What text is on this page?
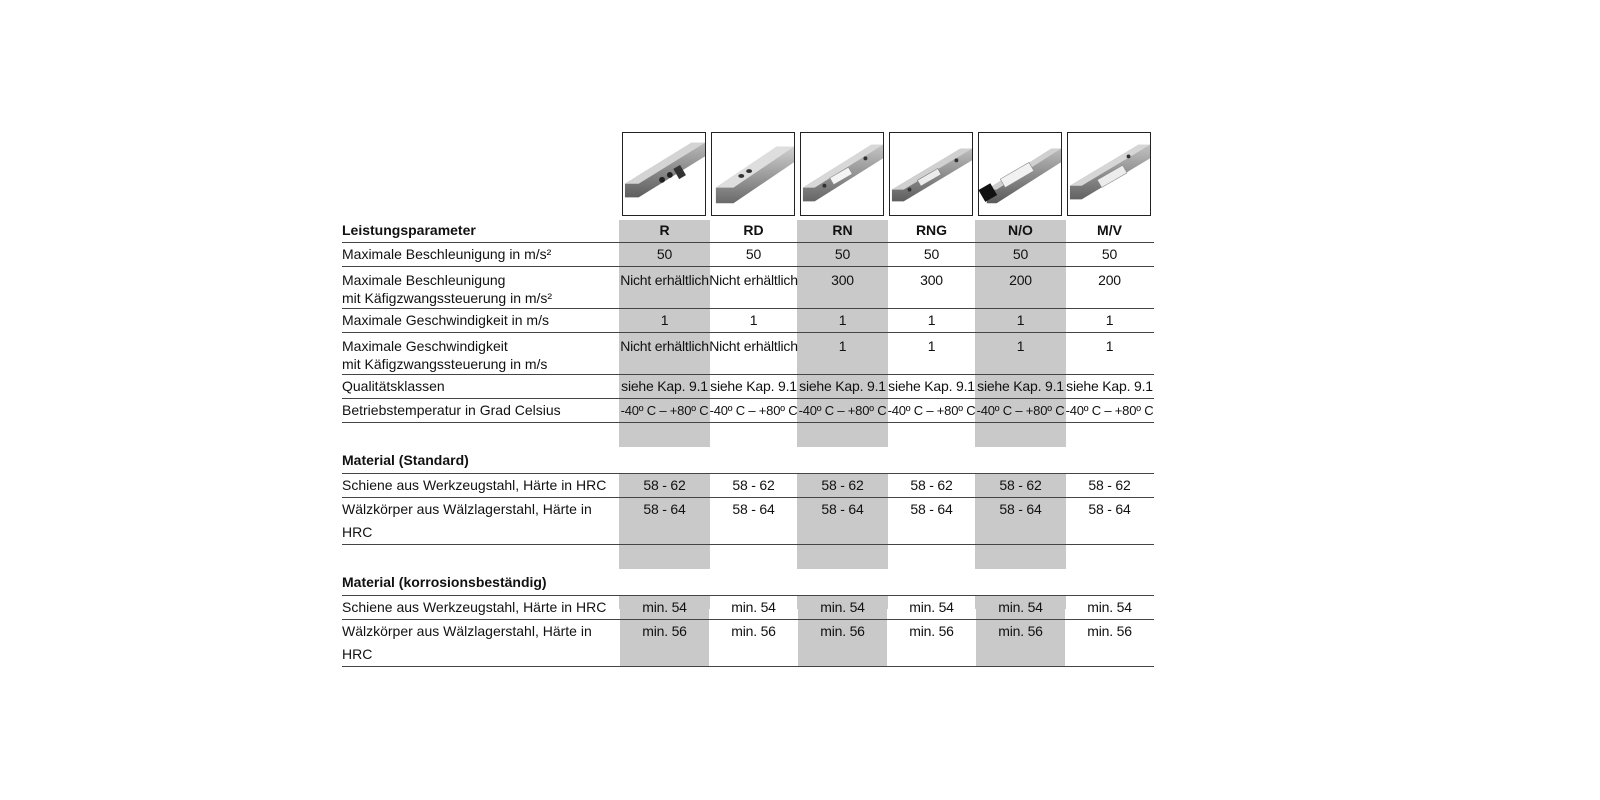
Leistungsparameter	R	RD	RN	RNG	N/O	M/V
Maximale Beschleunigung in m/s²	50	50	50	50	50	50
Maximale Beschleunigung
mit Käfigzwangssteuerung in m/s²	Nicht erhältlich	Nicht erhältlich	300	300	200	200
Maximale Geschwindigkeit in m/s	1	1	1	1	1	1
Maximale Geschwindigkeit
mit Käfigzwangssteuerung in m/s	Nicht erhältlich	Nicht erhältlich	1	1	1	1
Qualitätsklassen	siehe Kap. 9.1	siehe Kap. 9.1	siehe Kap. 9.1	siehe Kap. 9.1	siehe Kap. 9.1	siehe Kap. 9.1
Betriebstemperatur in Grad Celsius	-40º C – +80º C	-40º C – +80º C	-40º C – +80º C	-40º C – +80º C	-40º C – +80º C	-40º C – +80º C
Material (Standard)						
Schiene aus Werkzeugstahl, Härte in HRC	58 - 62	58 - 62	58 - 62	58 - 62	58 - 62	58 - 62
Wälzkörper aus Wälzlagerstahl, Härte in HRC	58 - 64	58 - 64	58 - 64	58 - 64	58 - 64	58 - 64
Material (korrosionsbeständig)						
Schiene aus Werkzeugstahl, Härte in HRC	min. 54	min. 54	min. 54	min. 54	min. 54	min. 54
Wälzkörper aus Wälzlagerstahl, Härte in HRC	min. 56	min. 56	min. 56	min. 56	min. 56	min. 56
